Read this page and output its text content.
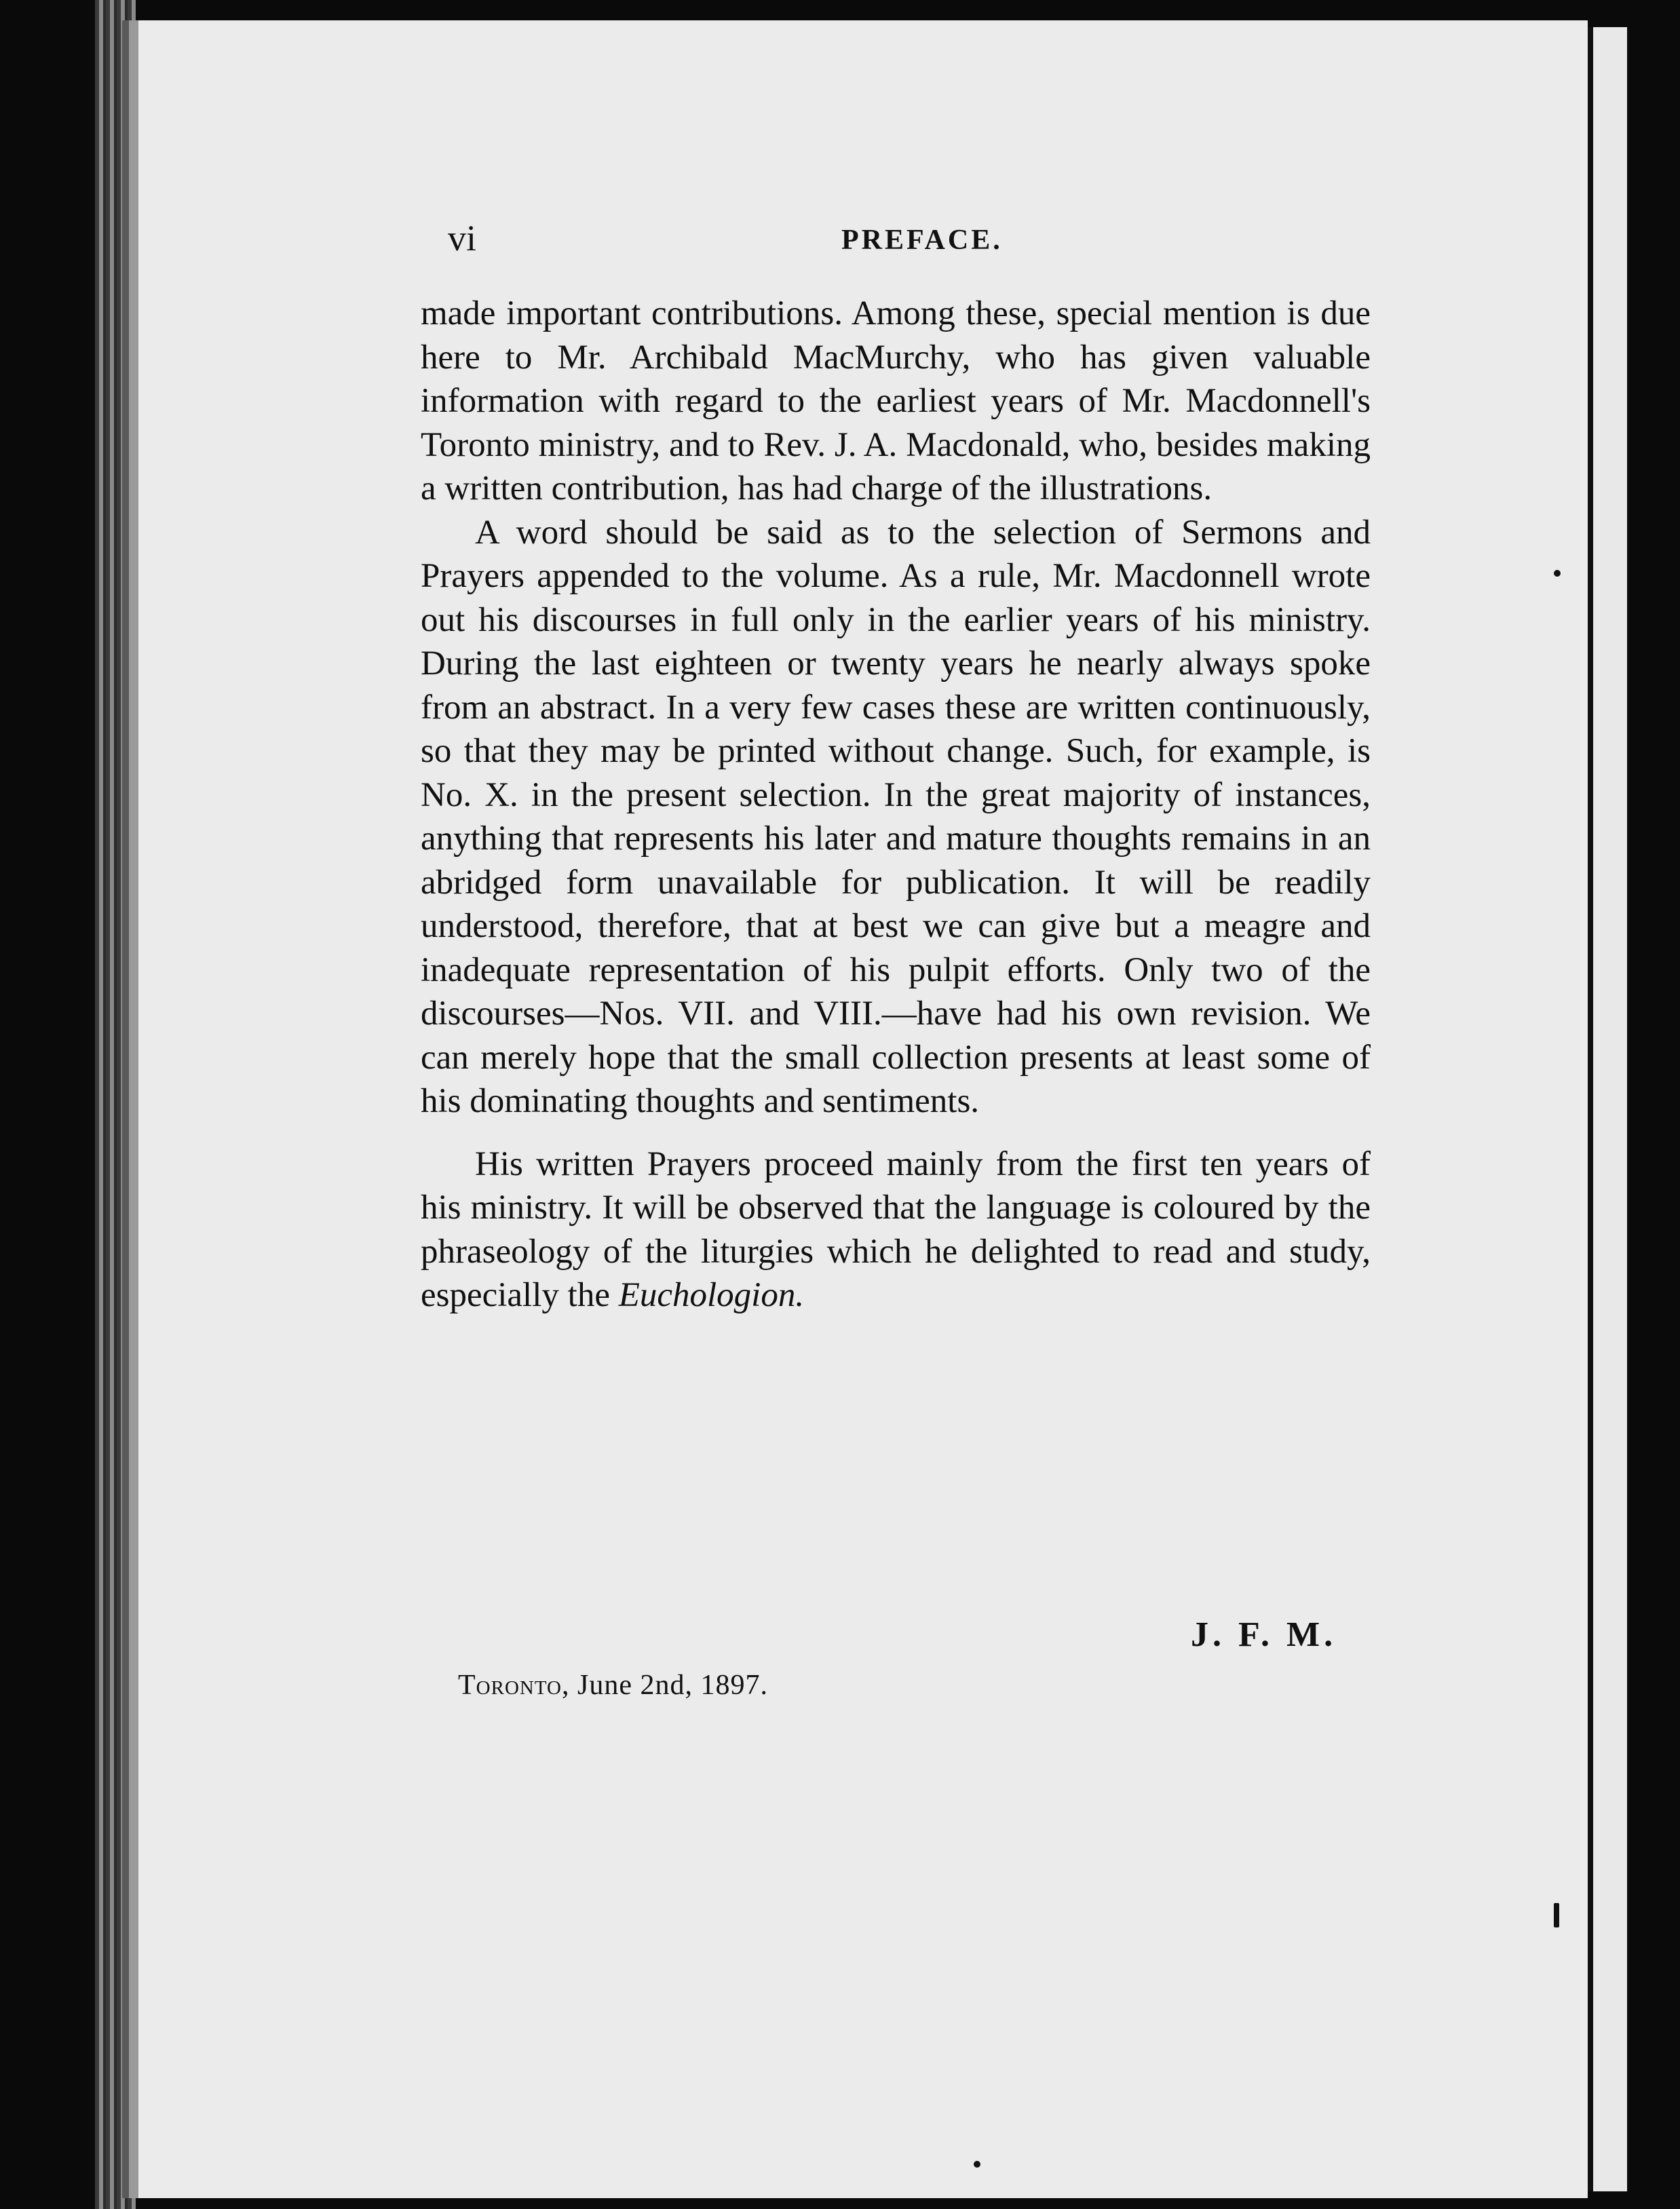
vi	PREFACE.

made important contributions. Among these, special mention is due here to Mr. Archibald MacMurchy, who has given valuable information with regard to the earliest years of Mr. Macdonnell's Toronto ministry, and to Rev. J. A. Macdonald, who, besides making a written contribution, has had charge of the illustrations.

A word should be said as to the selection of Sermons and Prayers appended to the volume. As a rule, Mr. Macdonnell wrote out his discourses in full only in the earlier years of his ministry. During the last eighteen or twenty years he nearly always spoke from an abstract. In a very few cases these are written continuously, so that they may be printed without change. Such, for example, is No. X. in the present selection. In the great majority of instances, anything that represents his later and mature thoughts remains in an abridged form unavailable for publication. It will be readily understood, therefore, that at best we can give but a meagre and inadequate representation of his pulpit efforts. Only two of the discourses—Nos. VII. and VIII.—have had his own revision. We can merely hope that the small collection presents at least some of his dominating thoughts and sentiments.

His written Prayers proceed mainly from the first ten years of his ministry. It will be observed that the language is coloured by the phraseology of the liturgies which he delighted to read and study, especially the Euchologion.

J. F. M.
Toronto, June 2nd, 1897.
